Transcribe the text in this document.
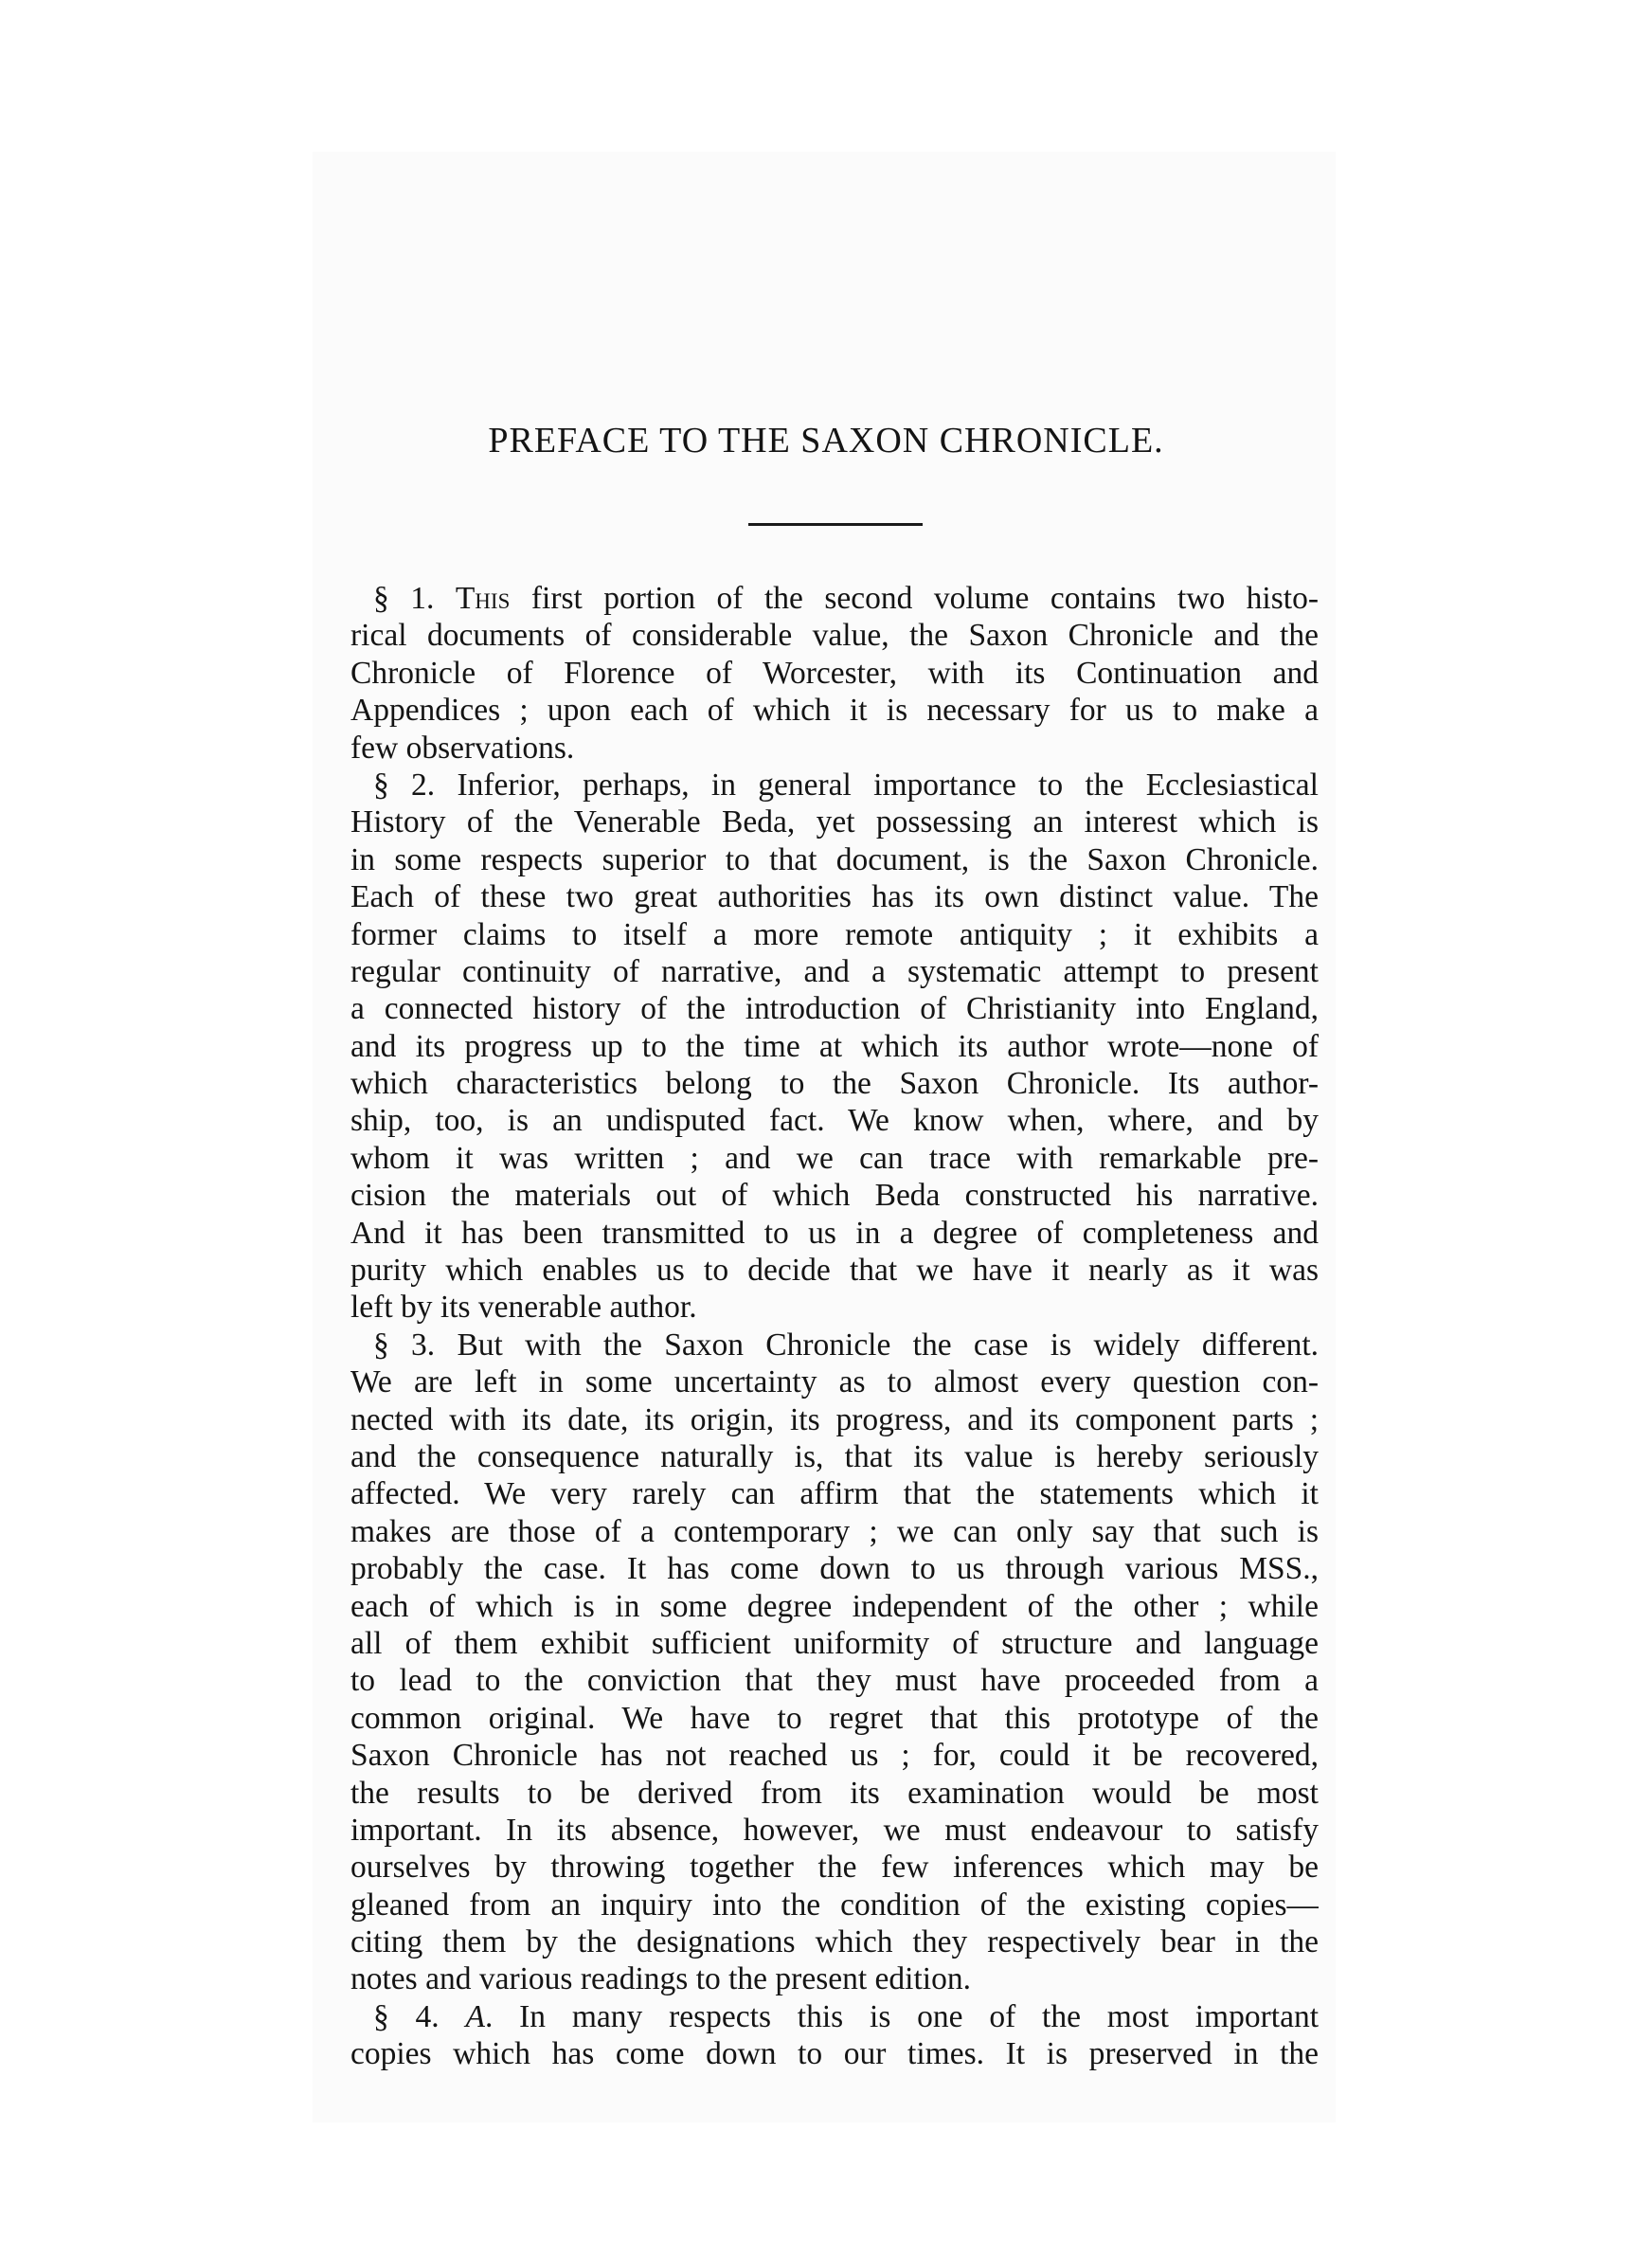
PREFACE TO THE SAXON CHRONICLE.
§ 1. This first portion of the second volume contains two histo-
rical documents of considerable value, the Saxon Chronicle and the
Chronicle of Florence of Worcester, with its Continuation and
Appendices ; upon each of which it is necessary for us to make a
few observations.
§ 2. Inferior, perhaps, in general importance to the Ecclesiastical
History of the Venerable Beda, yet possessing an interest which is
in some respects superior to that document, is the Saxon Chronicle.
Each of these two great authorities has its own distinct value. The
former claims to itself a more remote antiquity ; it exhibits a
regular continuity of narrative, and a systematic attempt to present
a connected history of the introduction of Christianity into England,
and its progress up to the time at which its author wrote—none of
which characteristics belong to the Saxon Chronicle. Its author-
ship, too, is an undisputed fact. We know when, where, and by
whom it was written ; and we can trace with remarkable pre-
cision the materials out of which Beda constructed his narrative.
And it has been transmitted to us in a degree of completeness and
purity which enables us to decide that we have it nearly as it was
left by its venerable author.
§ 3. But with the Saxon Chronicle the case is widely different.
We are left in some uncertainty as to almost every question con-
nected with its date, its origin, its progress, and its component parts ;
and the consequence naturally is, that its value is hereby seriously
affected. We very rarely can affirm that the statements which it
makes are those of a contemporary ; we can only say that such is
probably the case. It has come down to us through various MSS.,
each of which is in some degree independent of the other ; while
all of them exhibit sufficient uniformity of structure and language
to lead to the conviction that they must have proceeded from a
common original. We have to regret that this prototype of the
Saxon Chronicle has not reached us ; for, could it be recovered,
the results to be derived from its examination would be most
important. In its absence, however, we must endeavour to satisfy
ourselves by throwing together the few inferences which may be
gleaned from an inquiry into the condition of the existing copies—
citing them by the designations which they respectively bear in the
notes and various readings to the present edition.
§ 4. A. In many respects this is one of the most important
copies which has come down to our times. It is preserved in the
